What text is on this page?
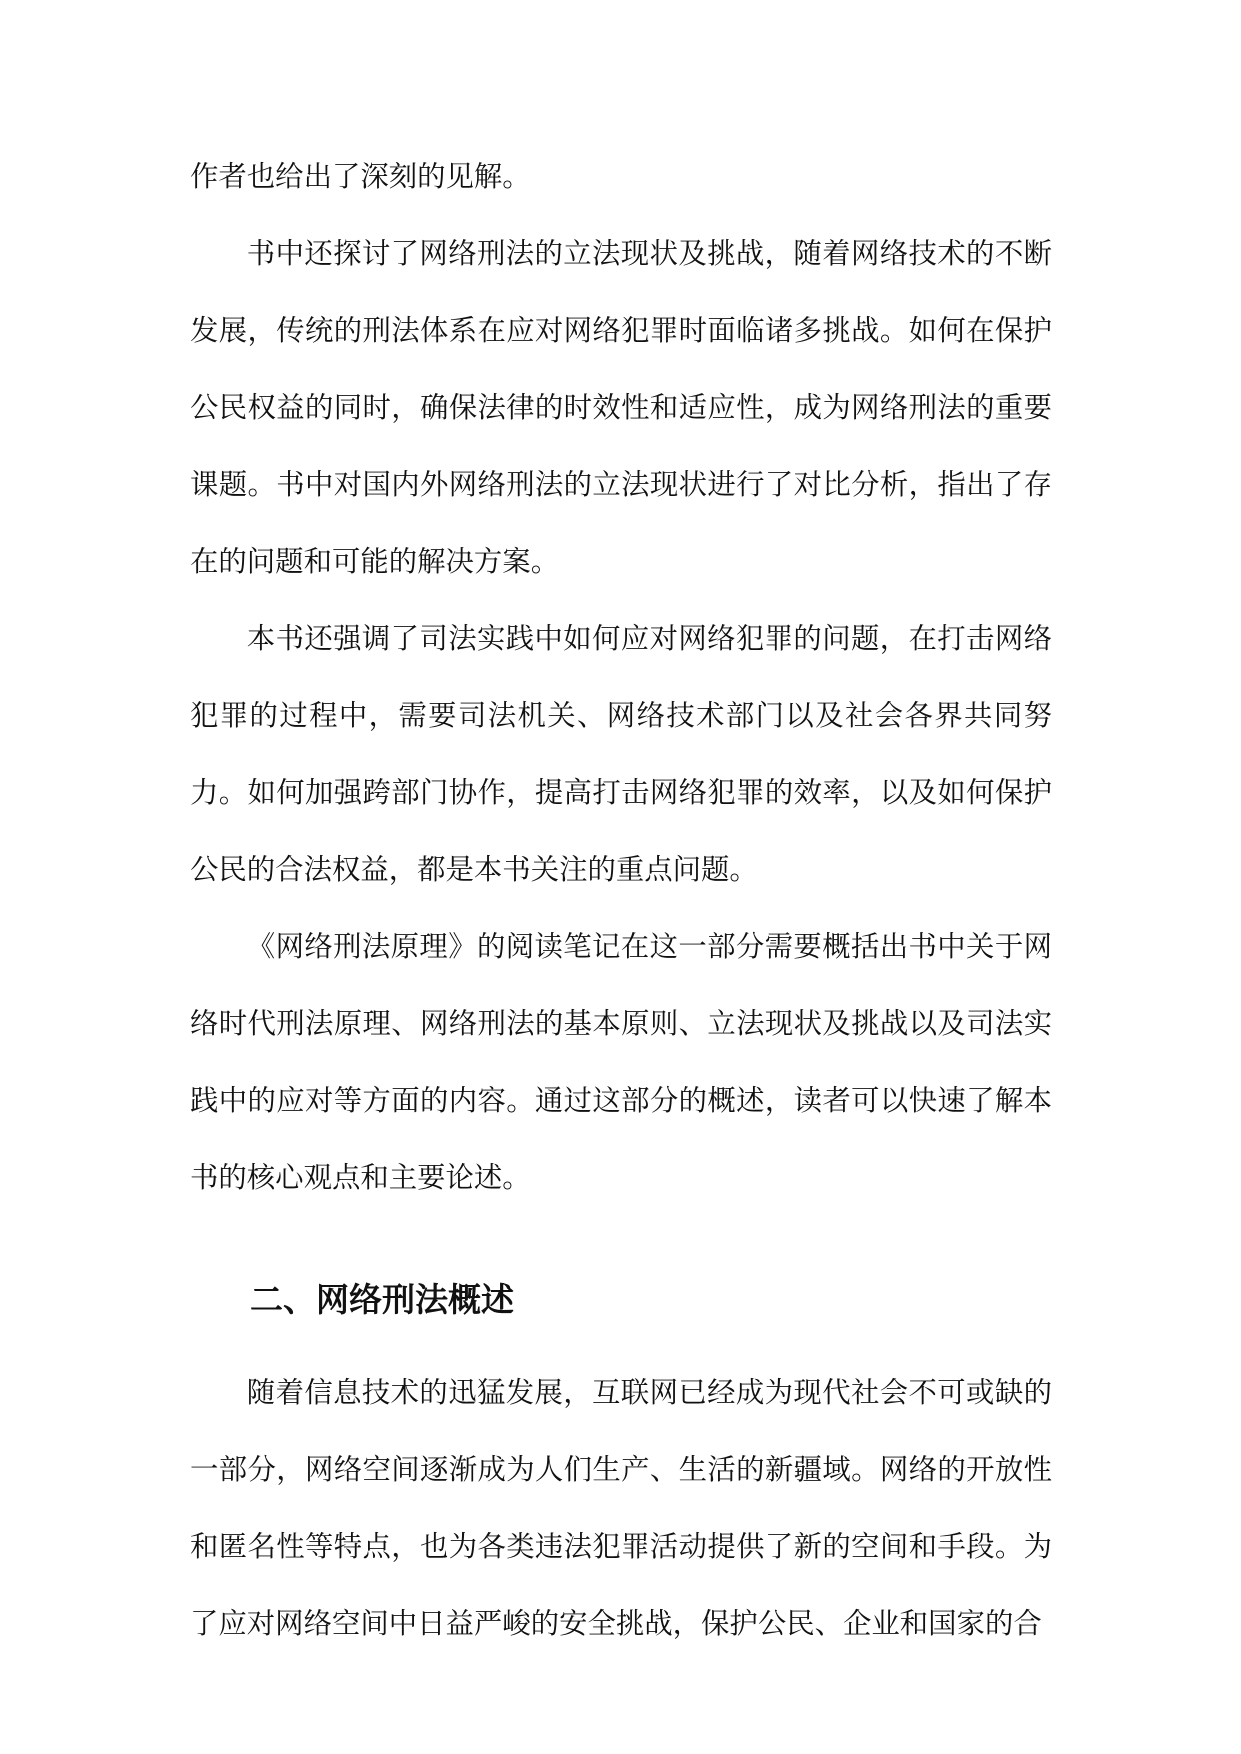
作者也给出了深刻的见解。

书中还探讨了网络刑法的立法现状及挑战，随着网络技术的不断发展，传统的刑法体系在应对网络犯罪时面临诸多挑战。如何在保护公民权益的同时，确保法律的时效性和适应性，成为网络刑法的重要课题。书中对国内外网络刑法的立法现状进行了对比分析，指出了存在的问题和可能的解决方案。

本书还强调了司法实践中如何应对网络犯罪的问题，在打击网络犯罪的过程中，需要司法机关、网络技术部门以及社会各界共同努力。如何加强跨部门协作，提高打击网络犯罪的效率，以及如何保护公民的合法权益，都是本书关注的重点问题。

《网络刑法原理》的阅读笔记在这一部分需要概括出书中关于网络时代刑法原理、网络刑法的基本原则、立法现状及挑战以及司法实践中的应对等方面的内容。通过这部分的概述，读者可以快速了解本书的核心观点和主要论述。

二、网络刑法概述

随着信息技术的迅猛发展，互联网已经成为现代社会不可或缺的一部分，网络空间逐渐成为人们生产、生活的新疆域。网络的开放性和匿名性等特点，也为各类违法犯罪活动提供了新的空间和手段。为了应对网络空间中日益严峻的安全挑战，保护公民、企业和国家的合
